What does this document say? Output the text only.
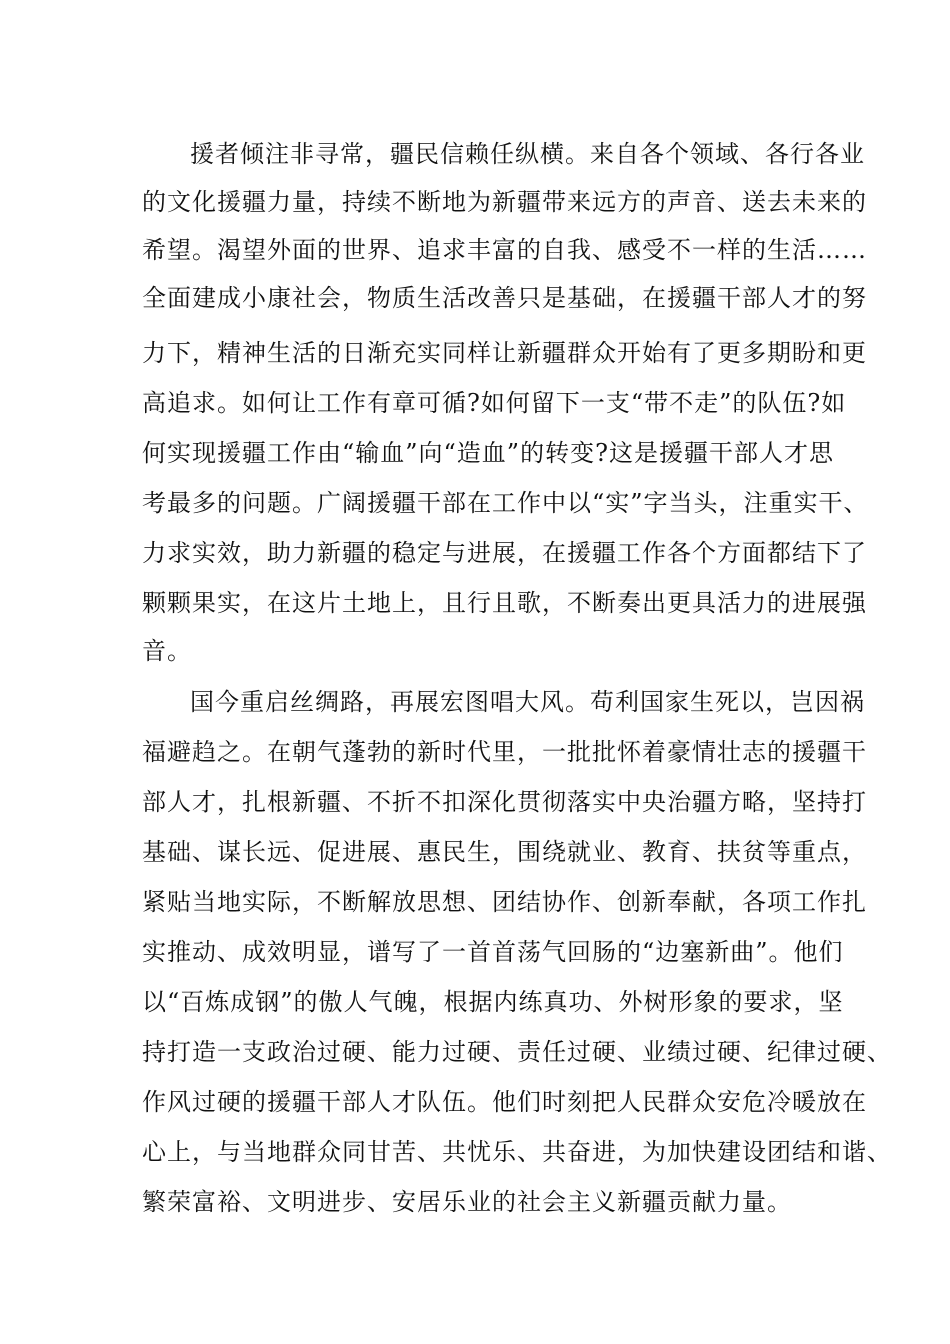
援者倾注非寻常，疆民信赖任纵横。来自各个领域、各行各业
的文化援疆力量，持续不断地为新疆带来远方的声音、送去未来的
希望。渴望外面的世界、追求丰富的自我、感受不一样的生活……
全面建成小康社会，物质生活改善只是基础，在援疆干部人才的努
力下，精神生活的日渐充实同样让新疆群众开始有了更多期盼和更
高追求。如何让工作有章可循?如何留下一支“带不走”的队伍?如
何实现援疆工作由“输血”向“造血”的转变?这是援疆干部人才思
考最多的问题。广阔援疆干部在工作中以“实”字当头，注重实干、
力求实效，助力新疆的稳定与进展，在援疆工作各个方面都结下了
颗颗果实，在这片土地上，且行且歌，不断奏出更具活力的进展强
音。
国今重启丝绸路，再展宏图唱大风。苟利国家生死以，岂因祸
福避趋之。在朝气蓬勃的新时代里，一批批怀着豪情壮志的援疆干
部人才，扎根新疆、不折不扣深化贯彻落实中央治疆方略，坚持打
基础、谋长远、促进展、惠民生，围绕就业、教育、扶贫等重点，
紧贴当地实际，不断解放思想、团结协作、创新奉献，各项工作扎
实推动、成效明显，谱写了一首首荡气回肠的“边塞新曲”。他们
以“百炼成钢”的傲人气魄，根据内练真功、外树形象的要求，坚
持打造一支政治过硬、能力过硬、责任过硬、业绩过硬、纪律过硬、
作风过硬的援疆干部人才队伍。他们时刻把人民群众安危冷暖放在
心上，与当地群众同甘苦、共忧乐、共奋进，为加快建设团结和谐、
繁荣富裕、文明进步、安居乐业的社会主义新疆贡献力量。
